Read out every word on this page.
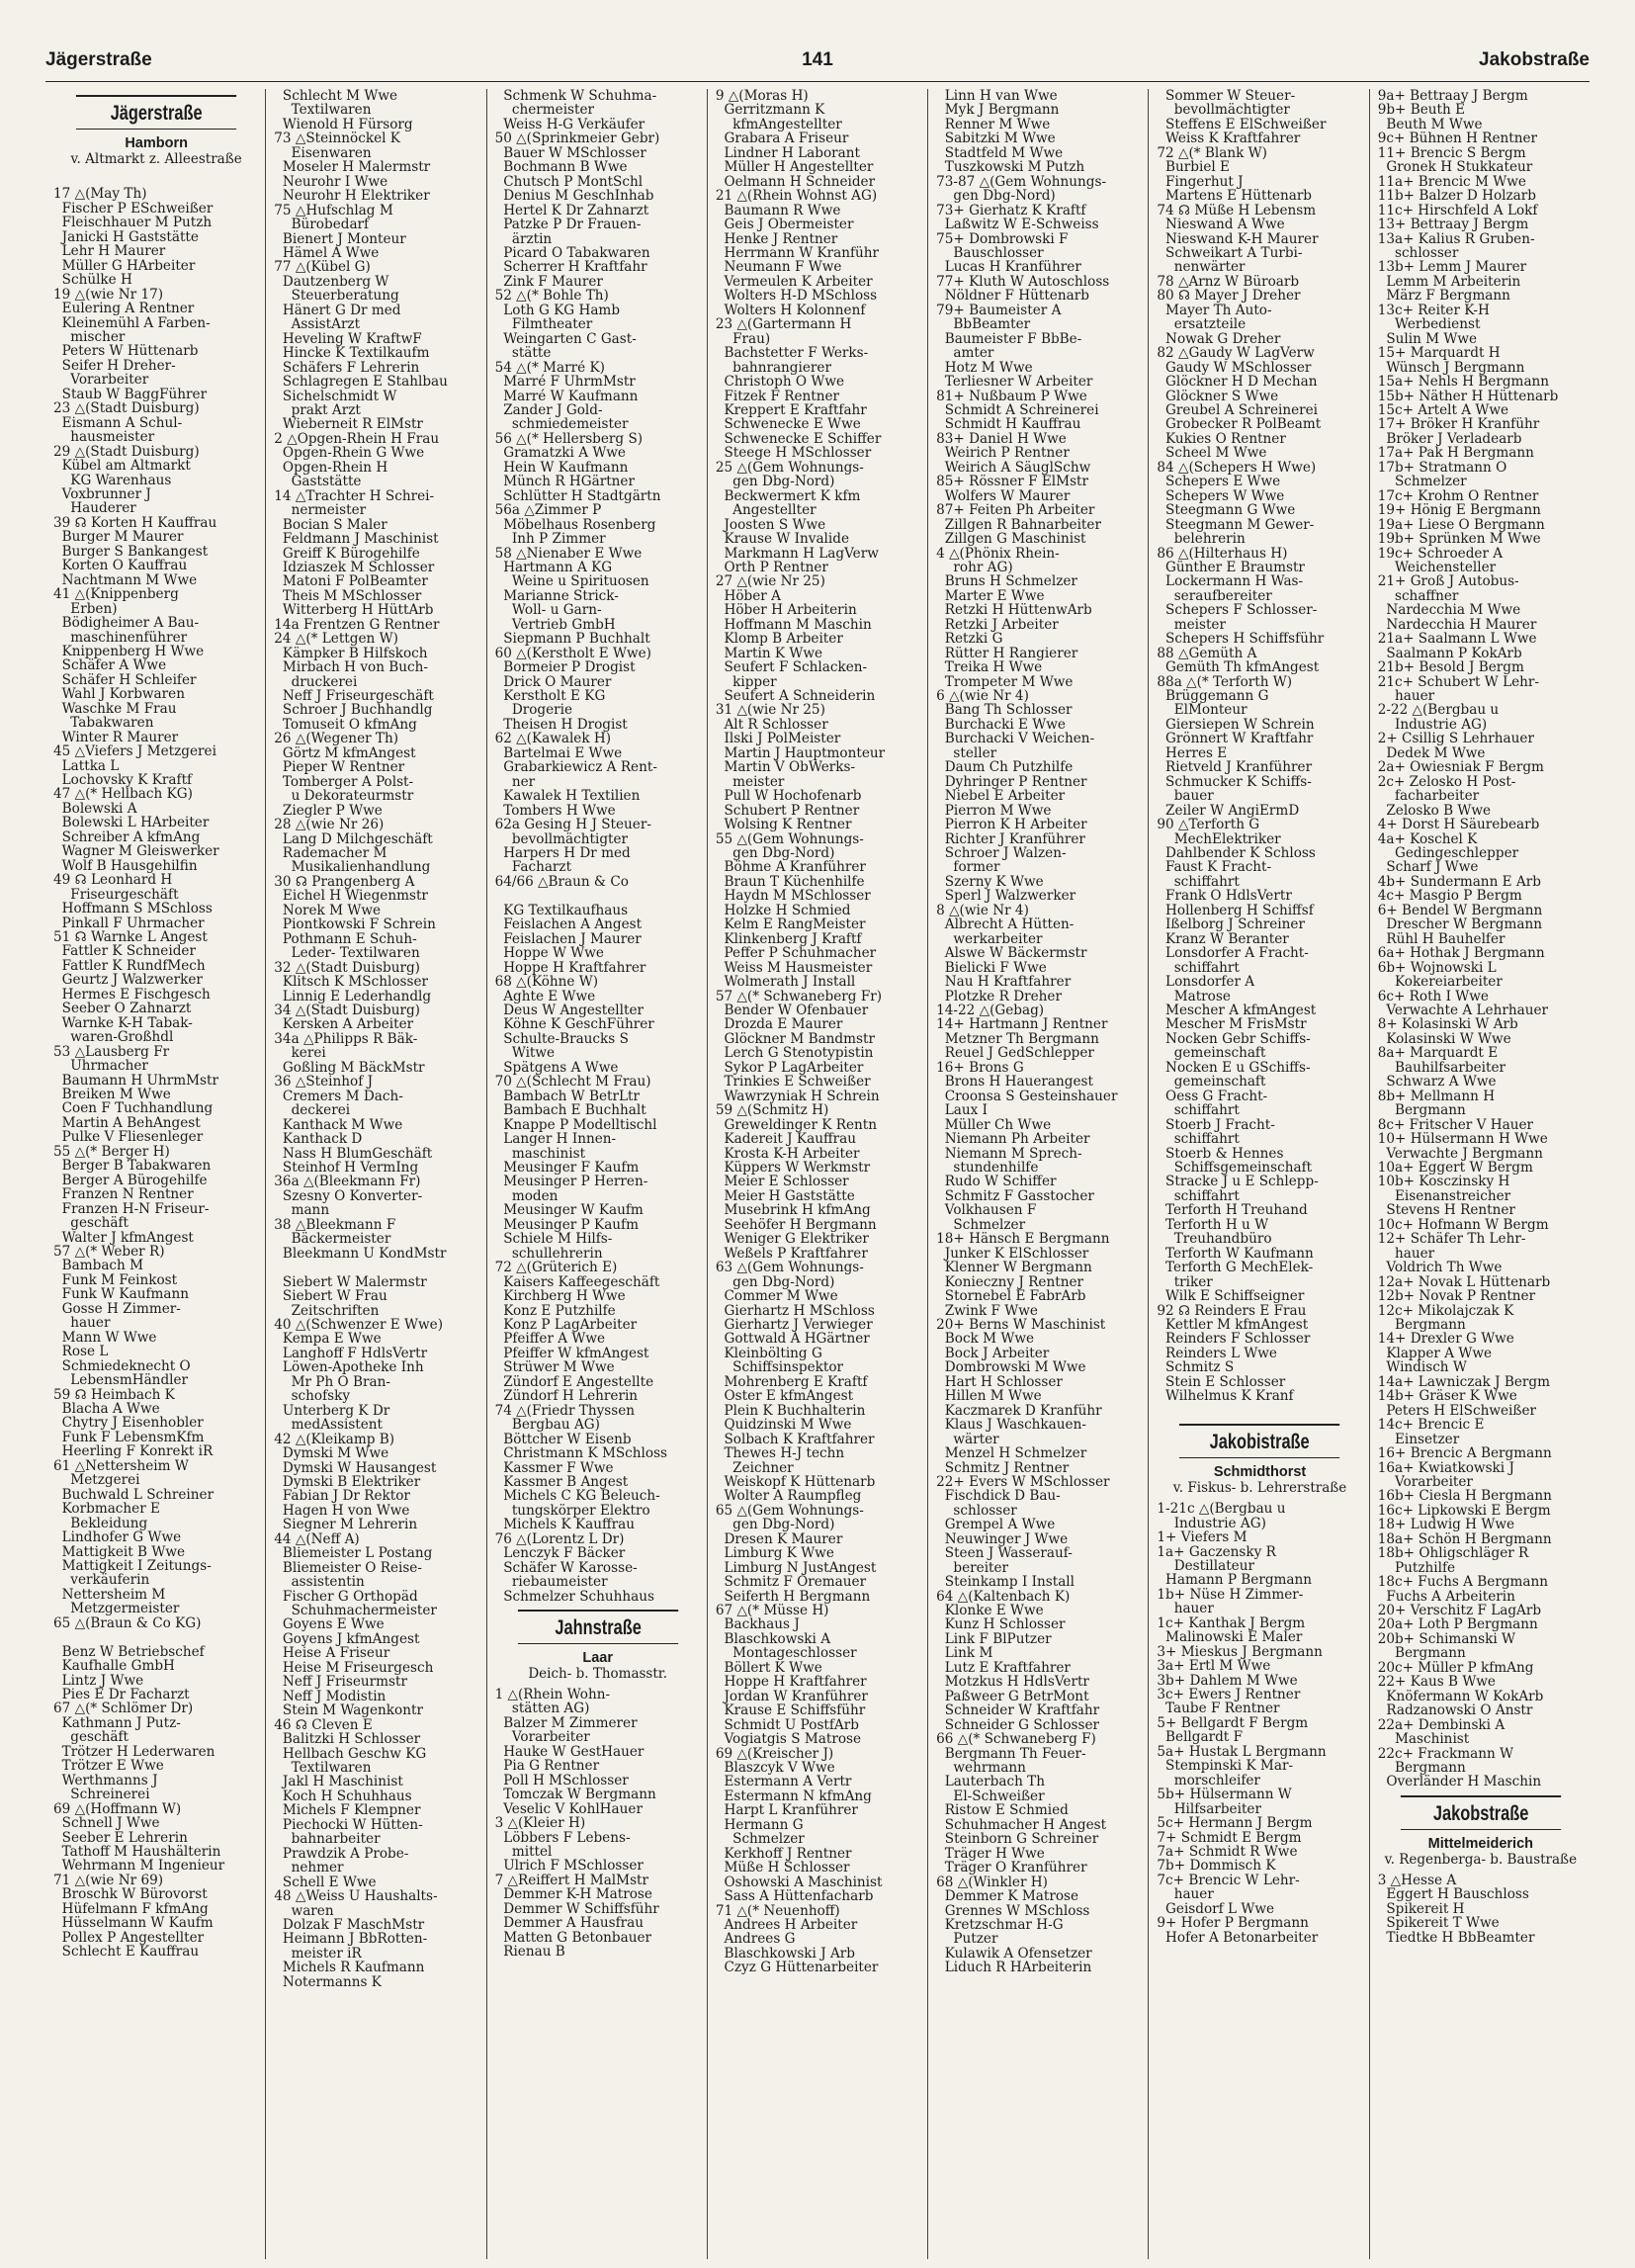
Jägerstraße	141	Jakobstraße
Jägerstraße
Hamborn
v. Altmarkt z. Alleestraße

17 △(May Th)
Fischer P ESchweißer
Fleischhauer M Putzh
Janicki H Gaststätte
Lehr H Maurer
Müller G HArbeiter
Schülke H
19 △(wie Nr 17)
Eulering A Rentner
Kleinemühl A Farben-
mischer
Peters W Hüttenarb
Seifer H Dreher-
Vorarbeiter
Staub W BaggFührer
23 △(Stadt Duisburg)
Eismann A Schul-
hausmeister
29 △(Stadt Duisburg)
Kübel am Altmarkt
KG Warenhaus
Voxbrunner J
Hauderer
39 ☊ Korten H Kauffrau
Burger M Maurer
Burger S Bankangest
Korten O Kauffrau
Nachtmann M Wwe
41 △(Knippenberg
Erben)
Bödigheimer A Bau-
maschinenführer
Knippenberg H Wwe
Schäfer A Wwe
Schäfer H Schleifer
Wahl J Korbwaren
Waschke M Frau
Tabakwaren
Winter R Maurer
45 △Viefers J Metzgerei
Lattka L
Lochovsky K Kraftf
47 △(* Hellbach KG)
Bolewski A
Bolewski L HArbeiter
Schreiber A kfmAng
Wagner M Gleiswerker
Wolf B Hausgehilfin
49 ☊ Leonhard H
Friseurgeschäft
Hoffmann S MSchloss
Pinkall F Uhrmacher
51 ☊ Warnke L Angest
Fattler K Schneider
Fattler K RundfMech
Geurtz J Walzwerker
Hermes E Fischgesch
Seeber O Zahnarzt
Warnke K-H Tabak-
waren-Großhdl
53 △Lausberg Fr
Uhrmacher
Baumann H UhrmMstr
Breiken M Wwe
Coen F Tuchhandlung
Martin A BehAngest
Pulke V Fliesenleger
55 △(* Berger H)
Berger B Tabakwaren
Berger A Bürogehilfe
Franzen N Rentner
Franzen H-N Friseur-
geschäft
Walter J kfmAngest
57 △(* Weber R)
Bambach M
Funk M Feinkost
Funk W Kaufmann
Gosse H Zimmer-
hauer
Mann W Wwe
Rose L
Schmiedeknecht O
LebensmHändler
59 ☊ Heimbach K
Blacha A Wwe
Chytry J Eisenhobler
Funk F LebensmKfm
Heerling F Konrekt iR
61 △Nettersheim W
Metzgerei
Buchwald L Schreiner
Korbmacher E
Bekleidung
Lindhofer G Wwe
Mattigkeit B Wwe
Mattigkeit I Zeitungs-
verkäuferin
Nettersheim M
Metzgermeister
65 △(Braun & Co KG)

Benz W Betriebschef
Kaufhalle GmbH
Lintz J Wwe
Pies E Dr Facharzt
67 △(* Schlömer Dr)
Kathmann J Putz-
geschäft
Trötzer H Lederwaren
Trötzer E Wwe
Werthmanns J
Schreinerei
69 △(Hoffmann W)
Schnell J Wwe
Seeber E Lehrerin
Tathoff M Haushälterin
Wehrmann M Ingenieur
71 △(wie Nr 69)
Broschk W Bürovorst
Hüfelmann F kfmAng
Hüsselmann W Kaufm
Pollex P Angestellter
Schlecht E Kauffrau
Schlecht M Wwe
Textilwaren
Wienold H Fürsorg
73 △Steinnöckel K
Eisenwaren
Moseler H Malermstr
Neurohr I Wwe
Neurohr H Elektriker
75 △Hufschlag M
Bürobedarf
Bienert J Monteur
Hämel A Wwe
77 △(Kübel G)
Dautzenberg W
Steuerberatung
Hänert G Dr med
AssistArzt
Heveling W KraftwF
Hincke K Textilkaufm
Schäfers F Lehrerin
Schlagregen E Stahlbau
Sichelschmidt W
prakt Arzt
Wieberneit R ElMstr
2 △Opgen-Rhein H Frau
Opgen-Rhein G Wwe
Opgen-Rhein H
Gaststätte
14 △Trachter H Schrei-
nermeister
Bocian S Maler
Feldmann J Maschinist
Greiff K Bürogehilfe
Idziaszek M Schlosser
Matoni F PolBeamter
Theis M MSchlosser
Witterberg H HüttArb
14a Frentzen G Rentner
24 △(* Lettgen W)
Kämpker B Hilfskoch
Mirbach H von Buch-
druckerei
Neff J Friseurgeschäft
Schroer J Buchhandlg
Tomuseit O kfmAng
26 △(Wegener Th)
Görtz M kfmAngest
Pieper W Rentner
Tomberger A Polst-
u Dekorateurmstr
Ziegler P Wwe
28 △(wie Nr 26)
Lang D Milchgeschäft
Rademacher M
Musikalienhandlung
30 ☊ Prangenberg A
Eichel H Wiegenmstr
Norek M Wwe
Piontkowski F Schrein
Pothmann E Schuh-
Leder- Textilwaren
32 △(Stadt Duisburg)
Klitsch K MSchlosser
Linnig E Lederhandlg
34 △(Stadt Duisburg)
Kersken A Arbeiter
34a △Philipps R Bäk-
kerei
Goßling M BäckMstr
36 △Steinhof J
Cremers M Dach-
deckerei
Kanthack M Wwe
Kanthack D
Nass H BlumGeschäft
Steinhof H VermIng
36a △(Bleekmann Fr)
Szesny O Konverter-
mann
38 △Bleekmann F
Bäckermeister
Bleekmann U KondMstr

Siebert W Malermstr
Siebert W Frau
Zeitschriften
40 △(Schwenzer E Wwe)
Kempa E Wwe
Langhoff F HdlsVertr
Löwen-Apotheke Inh
Mr Ph O Bran-
schofsky
Unterberg K Dr
medAssistent
42 △(Kleikamp B)
Dymski M Wwe
Dymski W Hausangest
Dymski B Elektriker
Fabian J Dr Rektor
Hagen H von Wwe
Siegner M Lehrerin
44 △(Neff A)
Bliemeister L Postang
Bliemeister O Reise-
assistentin
Fischer G Orthopäd
Schuhmachermeister
Goyens E Wwe
Goyens J kfmAngest
Heise A Friseur
Heise M Friseurgesch
Neff J Friseurmstr
Neff J Modistin
Stein M Wagenkontr
46 ☊ Cleven E
Balitzki H Schlosser
Hellbach Geschw KG
Textilwaren
Jakl H Maschinist
Koch H Schuhhaus
Michels F Klempner
Piechocki W Hütten-
bahnarbeiter
Prawdzik A Probe-
nehmer
Schell E Wwe
48 △Weiss U Haushalts-
waren
Dolzak F MaschMstr
Heimann J BbRotten-
meister iR
Michels R Kaufmann
Notermanns K
Schmenk W Schuhma-
chermeister
Weiss H-G Verkäufer
50 △(Sprinkmeier Gebr)
Bauer W MSchlosser
Bochmann B Wwe
Chutsch P MontSchl
Denius M GeschInhab
Hertel K Dr Zahnarzt
Patzke P Dr Frauen-
ärztin
Picard O Tabakwaren
Scherrer H Kraftfahr
Zink F Maurer
52 △(* Bohle Th)
Loth G KG Hamb
Filmtheater
Weingarten C Gast-
stätte
54 △(* Marré K)
Marré F UhrmMstr
Marré W Kaufmann
Zander J Gold-
schmiedemeister
56 △(* Hellersberg S)
Gramatzki A Wwe
Hein W Kaufmann
Münch R HGärtner
Schlütter H Stadtgärtn
56a △Zimmer P
Möbelhaus Rosenberg
Inh P Zimmer
58 △Nienaber E Wwe
Hartmann A KG
Weine u Spirituosen
Marianne Strick-
Woll- u Garn-
Vertrieb GmbH
Siepmann P Buchhalt
60 △(Kerstholt E Wwe)
Bormeier P Drogist
Drick O Maurer
Kerstholt E KG
Drogerie
Theisen H Drogist
62 △(Kawalek H)
Bartelmai E Wwe
Grabarkiewicz A Rent-
ner
Kawalek H Textilien
Tombers H Wwe
62a Gesing H J Steuer-
bevollmächtigter
Harpers H Dr med
Facharzt
64/66 △Braun & Co

KG Textilkaufhaus
Feislachen A Angest
Feislachen J Maurer
Hoppe W Wwe
Hoppe H Kraftfahrer
68 △(Köhne W)
Aghte E Wwe
Deus W Angestellter
Köhne K GeschFührer
Schulte-Braucks S
Witwe
Spätgens A Wwe
70 △(Schlecht M Frau)
Bambach W BetrLtr
Bambach E Buchhalt
Knappe P Modelltischl
Langer H Innen-
maschinist
Meusinger F Kaufm
Meusinger P Herren-
moden
Meusinger W Kaufm
Meusinger P Kaufm
Schiele M Hilfs-
schullehrerin
72 △(Grüterich E)
Kaisers Kaffeegeschäft
Kirchberg H Wwe
Konz E Putzhilfe
Konz P LagArbeiter
Pfeiffer A Wwe
Pfeiffer W kfmAngest
Strüwer M Wwe
Zündorf E Angestellte
Zündorf H Lehrerin
74 △(Friedr Thyssen
Bergbau AG)
Böttcher W Eisenb
Christmann K MSchloss
Kassmer F Wwe
Kassmer B Angest
Michels C KG Beleuch-
tungskörper Elektro
Michels K Kauffrau
76 △(Lorentz L Dr)
Lenczyk F Bäcker
Schäfer W Karosse-
riebaumeister
Schmelzer Schuhhaus
Jahnstraße
Laar
Deich- b. Thomasstr.
1 △(Rhein Wohn-
stätten AG)
Balzer M Zimmerer
Vorarbeiter
Hauke W GestHauer
Pia G Rentner
Poll H MSchlosser
Tomczak W Bergmann
Veselic V KohlHauer
3 △(Kleier H)
Löbbers F Lebens-
mittel
Ulrich F MSchlosser
7 △Reiffert H MalMstr
Demmer K-H Matrose
Demmer W Schiffsführ
Demmer A Hausfrau
Matten G Betonbauer
Rienau B
9 △(Moras H)
Gerritzmann K
kfmAngestellter
Grabara A Friseur
Lindner H Laborant
Müller H Angestellter
Oelmann H Schneider
21 △(Rhein Wohnst AG)
Baumann R Wwe
Geis J Obermeister
Henke J Rentner
Herrmann W Kranführ
Neumann F Wwe
Vermeulen K Arbeiter
Wolters H-D MSchloss
Wolters H Kolonnenf
23 △(Gartermann H
Frau)
Bachstetter F Werks-
bahnrangierer
Christoph O Wwe
Fitzek F Rentner
Kreppert E Kraftfahr
Schwenecke E Wwe
Schwenecke E Schiffer
Steege H MSchlosser
25 △(Gem Wohnungs-
gen Dbg-Nord)
Beckwermert K kfm
Angestellter
Joosten S Wwe
Krause W Invalide
Markmann H LagVerw
Orth P Rentner
27 △(wie Nr 25)
Höber A
Höber H Arbeiterin
Hoffmann M Maschin
Klomp B Arbeiter
Martin K Wwe
Seufert F Schlacken-
kipper
Seufert A Schneiderin
31 △(wie Nr 25)
Alt R Schlosser
Ilski J PolMeister
Martin J Hauptmonteur
Martin V ObWerks-
meister
Pull W Hochofenarb
Schubert P Rentner
Wolsing K Rentner
55 △(Gem Wohnungs-
gen Dbg-Nord)
Böhme A Kranführer
Braun T Küchenhilfe
Haydn M MSchlosser
Holzke H Schmied
Kelm E RangMeister
Klinkenberg J Kraftf
Peffer P Schuhmacher
Weiss M Hausmeister
Wolmerath J Install
57 △(* Schwaneberg Fr)
Bender W Ofenbauer
Drozda E Maurer
Glöckner M Bandmstr
Lerch G Stenotypistin
Sykor P LagArbeiter
Trinkies E Schweißer
Wawrzyniak H Schrein
59 △(Schmitz H)
Greweldinger K Rentn
Kadereit J Kauffrau
Krosta K-H Arbeiter
Küppers W Werkmstr
Meier E Schlosser
Meier H Gaststätte
Musebrink H kfmAng
Seehöfer H Bergmann
Weniger G Elektriker
Weßels P Kraftfahrer
63 △(Gem Wohnungs-
gen Dbg-Nord)
Commer M Wwe
Gierhartz H MSchloss
Gierhartz J Verwieger
Gottwald A HGärtner
Kleinbölting G
Schiffsinspektor
Mohrenberg E Kraftf
Oster E kfmAngest
Plein K Buchhalterin
Quidzinski M Wwe
Solbach K Kraftfahrer
Thewes H-J techn
Zeichner
Weiskopf K Hüttenarb
Wolter A Raumpfleg
65 △(Gem Wohnungs-
gen Dbg-Nord)
Dresen K Maurer
Limburg K Wwe
Limburg N JustAngest
Schmitz F Oremauer
Seiferth H Bergmann
67 △(* Müsse H)
Backhaus J
Blaschkowski A
Montageschlosser
Böllert K Wwe
Hoppe H Kraftfahrer
Jordan W Kranführer
Krause E Schiffsführ
Schmidt U PostfArb
Vogiatgis S Matrose
69 △(Kreischer J)
Blaszcyk V Wwe
Estermann A Vertr
Estermann N kfmAng
Harpt L Kranführer
Hermann G
Schmelzer
Kerkhoff J Rentner
Müße H Schlosser
Oshowski A Maschinist
Sass A Hüttenfacharb
71 △(* Neuenhoff)
Andrees H Arbeiter
Andrees G
Blaschkowski J Arb
Czyz G Hüttenarbeiter
Linn H van Wwe
Myk J Bergmann
Renner M Wwe
Sabitzki M Wwe
Stadtfeld M Wwe
Tuszkowski M Putzh
73-87 △(Gem Wohnungs-
gen Dbg-Nord)
73+ Gierhatz K Kraftf
Laßwitz W E-Schweiss
75+ Dombrowski F
Bauschlosser
Lucas H Kranführer
77+ Kluth W Autoschloss
Nöldner F Hüttenarb
79+ Baumeister A
BbBeamter
Baumeister F BbBe-
amter
Hotz M Wwe
Terliesner W Arbeiter
81+ Nußbaum P Wwe
Schmidt A Schreinerei
Schmidt H Kauffrau
83+ Daniel H Wwe
Weirich P Rentner
Weirich A SäuglSchw
85+ Rössner F ElMstr
Wolfers W Maurer
87+ Feiten Ph Arbeiter
Zillgen R Bahnarbeiter
Zillgen G Maschinist
4 △(Phönix Rhein-
rohr AG)
Bruns H Schmelzer
Marter E Wwe
Retzki H HüttenwArb
Retzki J Arbeiter
Retzki G
Rütter H Rangierer
Treika H Wwe
Trompeter M Wwe
6 △(wie Nr 4)
Bang Th Schlosser
Burchacki E Wwe
Burchacki V Weichen-
steller
Daum Ch Putzhilfe
Dyhringer P Rentner
Niebel E Arbeiter
Pierron M Wwe
Pierron K H Arbeiter
Richter J Kranführer
Schroer J Walzen-
former
Szerny K Wwe
Sperl J Walzwerker
8 △(wie Nr 4)
Albrecht A Hütten-
werkarbeiter
Alswe W Bäckermstr
Bielicki F Wwe
Nau H Kraftfahrer
Plotzke R Dreher
14-22 △(Gebag)
14+ Hartmann J Rentner
Metzner Th Bergmann
Reuel J GedSchlepper
16+ Brons G
Brons H Hauerangest
Croonsa S Gesteinshauer
Laux I
Müller Ch Wwe
Niemann Ph Arbeiter
Niemann M Sprech-
stundenhilfe
Rudo W Schiffer
Schmitz F Gasstocher
Volkhausen F
Schmelzer
18+ Hänsch E Bergmann
Junker K ElSchlosser
Klenner W Bergmann
Konieczny J Rentner
Stornebel E FabrArb
Zwink F Wwe
20+ Berns W Maschinist
Bock M Wwe
Bock J Arbeiter
Dombrowski M Wwe
Hart H Schlosser
Hillen M Wwe
Kaczmarek D Kranführ
Klaus J Waschkauen-
wärter
Menzel H Schmelzer
Schmitz J Rentner
22+ Evers W MSchlosser
Fischdick D Bau-
schlosser
Grempel A Wwe
Neuwinger J Wwe
Steen J Wasserauf-
bereiter
Steinkamp I Install
64 △(Kaltenbach K)
Klonke E Wwe
Kunz H Schlosser
Link F BlPutzer
Link M
Lutz E Kraftfahrer
Motzkus H HdlsVertr
Paßweer G BetrMont
Schneider W Kraftfahr
Schneider G Schlosser
66 △(* Schwaneberg F)
Bergmann Th Feuer-
wehrmann
Lauterbach Th
El-Schweißer
Ristow E Schmied
Schuhmacher H Angest
Steinborn G Schreiner
Träger H Wwe
Träger O Kranführer
68 △(Winkler H)
Demmer K Matrose
Grennes W MSchloss
Kretzschmar H-G
Putzer
Kulawik A Ofensetzer
Liduch R HArbeiterin
Sommer W Steuer-
bevollmächtigter
Steffens E ElSchweißer
Weiss K Kraftfahrer
72 △(* Blank W)
Burbiel E
Fingerhut J
Martens E Hüttenarb
74 ☊ Müße H Lebensm
Nieswand A Wwe
Nieswand K-H Maurer
Schweikart A Turbi-
nenwärter
78 △Arnz W Büroarb
80 ☊ Mayer J Dreher
Mayer Th Auto-
ersatzteile
Nowak G Dreher
82 △Gaudy W LagVerw
Gaudy W MSchlosser
Glöckner H D Mechan
Glöckner S Wwe
Greubel A Schreinerei
Grobecker R PolBeamt
Kukies O Rentner
Scheel M Wwe
84 △(Schepers H Wwe)
Schepers E Wwe
Schepers W Wwe
Steegmann G Wwe
Steegmann M Gewer-
belehrerin
86 △(Hilterhaus H)
Günther E Braumstr
Lockermann H Was-
seraufbereiter
Schepers F Schlosser-
meister
Schepers H Schiffsführ
88 △Gemüth A
Gemüth Th kfmAngest
88a △(* Terforth W)
Brüggemann G
ElMonteur
Giersiepen W Schrein
Grönnert W Kraftfahr
Herres E
Rietveld J Kranführer
Schmucker K Schiffs-
bauer
Zeiler W AngiErmD
90 △Terforth G
MechElektriker
Dahlbender K Schloss
Faust K Fracht-
schiffahrt
Frank O HdlsVertr
Hollenberg H Schiffsf
Ißelborg J Schreiner
Kranz W Beranter
Lonsdorfer A Fracht-
schiffahrt
Lonsdorfer A
Matrose
Mescher A kfmAngest
Mescher M FrisMstr
Nocken Gebr Schiffs-
gemeinschaft
Nocken E u GSchiffs-
gemeinschaft
Oess G Fracht-
schiffahrt
Stoerb J Fracht-
schiffahrt
Stoerb & Hennes
Schiffsgemeinschaft
Stracke J u E Schlepp-
schiffahrt
Terforth H Treuhand
Terforth H u W
Treuhandbüro
Terforth W Kaufmann
Terforth G MechElek-
triker
Wilk E Schiffseigner
92 ☊ Reinders E Frau
Kettler M kfmAngest
Reinders F Schlosser
Reinders L Wwe
Schmitz S
Stein E Schlosser
Wilhelmus K Kranf

Jakobistraße
Schmidthorst
v. Fiskus- b. Lehrerstraße
1-21c △(Bergbau u
Industrie AG)
1+ Viefers M
1a+ Gaczensky R
Destillateur
Hamann P Bergmann
1b+ Nüse H Zimmer-
hauer
1c+ Kanthak J Bergm
Malinowski E Maler
3+ Mieskus J Bergmann
3a+ Ertl M Wwe
3b+ Dahlem M Wwe
3c+ Ewers J Rentner
Taube F Rentner
5+ Bellgardt F Bergm
Bellgardt F
5a+ Hustak L Bergmann
Stempinski K Mar-
morschleifer
5b+ Hülsermann W
Hilfsarbeiter
5c+ Hermann J Bergm
7+ Schmidt E Bergm
7a+ Schmidt R Wwe
7b+ Dommisch K
7c+ Brencic W Lehr-
hauer
Geisdorf L Wwe
9+ Hofer P Bergmann
Hofer A Betonarbeiter
9a+ Bettraay J Bergm
9b+ Beuth E
Beuth M Wwe
9c+ Bühnen H Rentner
11+ Brencic S Bergm
Gronek H Stukkateur
11a+ Brencic M Wwe
11b+ Balzer D Holzarb
11c+ Hirschfeld A Lokf
13+ Bettraay J Bergm
13a+ Kalius R Gruben-
schlosser
13b+ Lemm J Maurer
Lemm M Arbeiterin
März F Bergmann
13c+ Reiter K-H
Werbedienst
Sulin M Wwe
15+ Marquardt H
Wünsch J Bergmann
15a+ Nehls H Bergmann
15b+ Näther H Hüttenarb
15c+ Artelt A Wwe
17+ Bröker H Kranführ
Bröker J Verladearb
17a+ Pak H Bergmann
17b+ Stratmann O
Schmelzer
17c+ Krohm O Rentner
19+ Hönig E Bergmann
19a+ Liese O Bergmann
19b+ Sprünken M Wwe
19c+ Schroeder A
Weichensteller
21+ Groß J Autobus-
schaffner
Nardecchia M Wwe
Nardecchia H Maurer
21a+ Saalmann L Wwe
Saalmann P KokArb
21b+ Besold J Bergm
21c+ Schubert W Lehr-
hauer
2-22 △(Bergbau u
Industrie AG)
2+ Csillig S Lehrhauer
Dedek M Wwe
2a+ Owiesniak F Bergm
2c+ Zelosko H Post-
facharbeiter
Zelosko B Wwe
4+ Dorst H Säurebearb
4a+ Koschel K
Gedingeschlepper
Scharf J Wwe
4b+ Sundermann E Arb
4c+ Masgio P Bergm
6+ Bendel W Bergmann
Drescher W Bergmann
Rühl H Bauhelfer
6a+ Hothak J Bergmann
6b+ Wojnowski L
Kokereiarbeiter
6c+ Roth I Wwe
Verwachte A Lehrhauer
8+ Kolasinski W Arb
Kolasinski W Wwe
8a+ Marquardt E
Bauhilfsarbeiter
Schwarz A Wwe
8b+ Mellmann H
Bergmann
8c+ Fritscher V Hauer
10+ Hülsermann H Wwe
Verwachte J Bergmann
10a+ Eggert W Bergm
10b+ Kosczinsky H
Eisenanstreicher
Stevens H Rentner
10c+ Hofmann W Bergm
12+ Schäfer Th Lehr-
hauer
Voldrich Th Wwe
12a+ Novak L Hüttenarb
12b+ Novak P Rentner
12c+ Mikolajczak K
Bergmann
14+ Drexler G Wwe
Klapper A Wwe
Windisch W
14a+ Lawniczak J Bergm
14b+ Gräser K Wwe
Peters H ElSchweißer
14c+ Brencic E
Einsetzer
16+ Brencic A Bergmann
16a+ Kwiatkowski J
Vorarbeiter
16b+ Ciesla H Bergmann
16c+ Lipkowski E Bergm
18+ Ludwig H Wwe
18a+ Schön H Bergmann
18b+ Ohligschläger R
Putzhilfe
18c+ Fuchs A Bergmann
Fuchs A Arbeiterin
20+ Verschitz F LagArb
20a+ Loth P Bergmann
20b+ Schimanski W
Bergmann
20c+ Müller P kfmAng
22+ Kaus B Wwe
Knöfermann W KokArb
Radzanowski O Anstr
22a+ Dembinski A
Maschinist
22c+ Frackmann W
Bergmann
Overländer H Maschin
Jakobstraße
Mittelmeiderich
v. Regenberga- b. Baustraße
3 △Hesse A
Eggert H Bauschloss
Spikereit H
Spikereit T Wwe
Tiedtke H BbBeamter
